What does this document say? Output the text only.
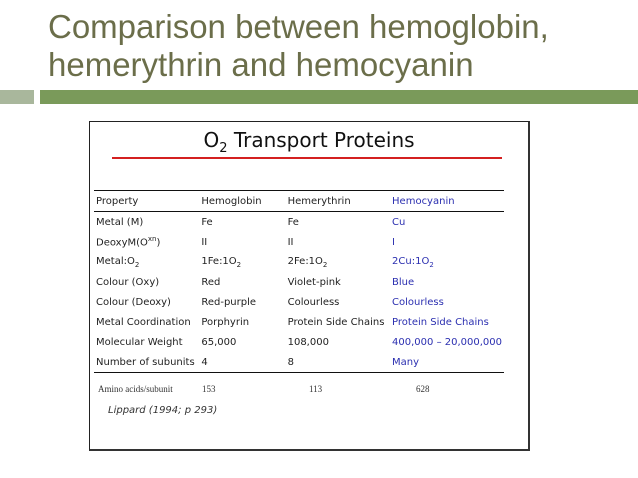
Comparison between hemoglobin,
hemerythrin and hemocyanin
$O_2$ Transport Proteins
Property	Hemoglobin	Hemerythrin	Hemocyanin
Metal (M)	Fe	Fe	Cu
$DeoxyM(O^{xn})$	II	II	I
$Metal:O_2$	$1Fe:1O_2$	$2Fe:1O_2$	$2Cu:1O_2$
Colour (Oxy)	Red	Violet-pink	Blue
Colour (Deoxy)	Red-purple	Colourless	Colourless
Metal Coordination	Porphyrin	Protein Side Chains	Protein Side Chains
Molecular Weight	65,000	108,000	400,000 – 20,000,000
Number of subunits	4	8	Many
Amino acids/subunit	153	113	628
Lippard (1994; p 293)
